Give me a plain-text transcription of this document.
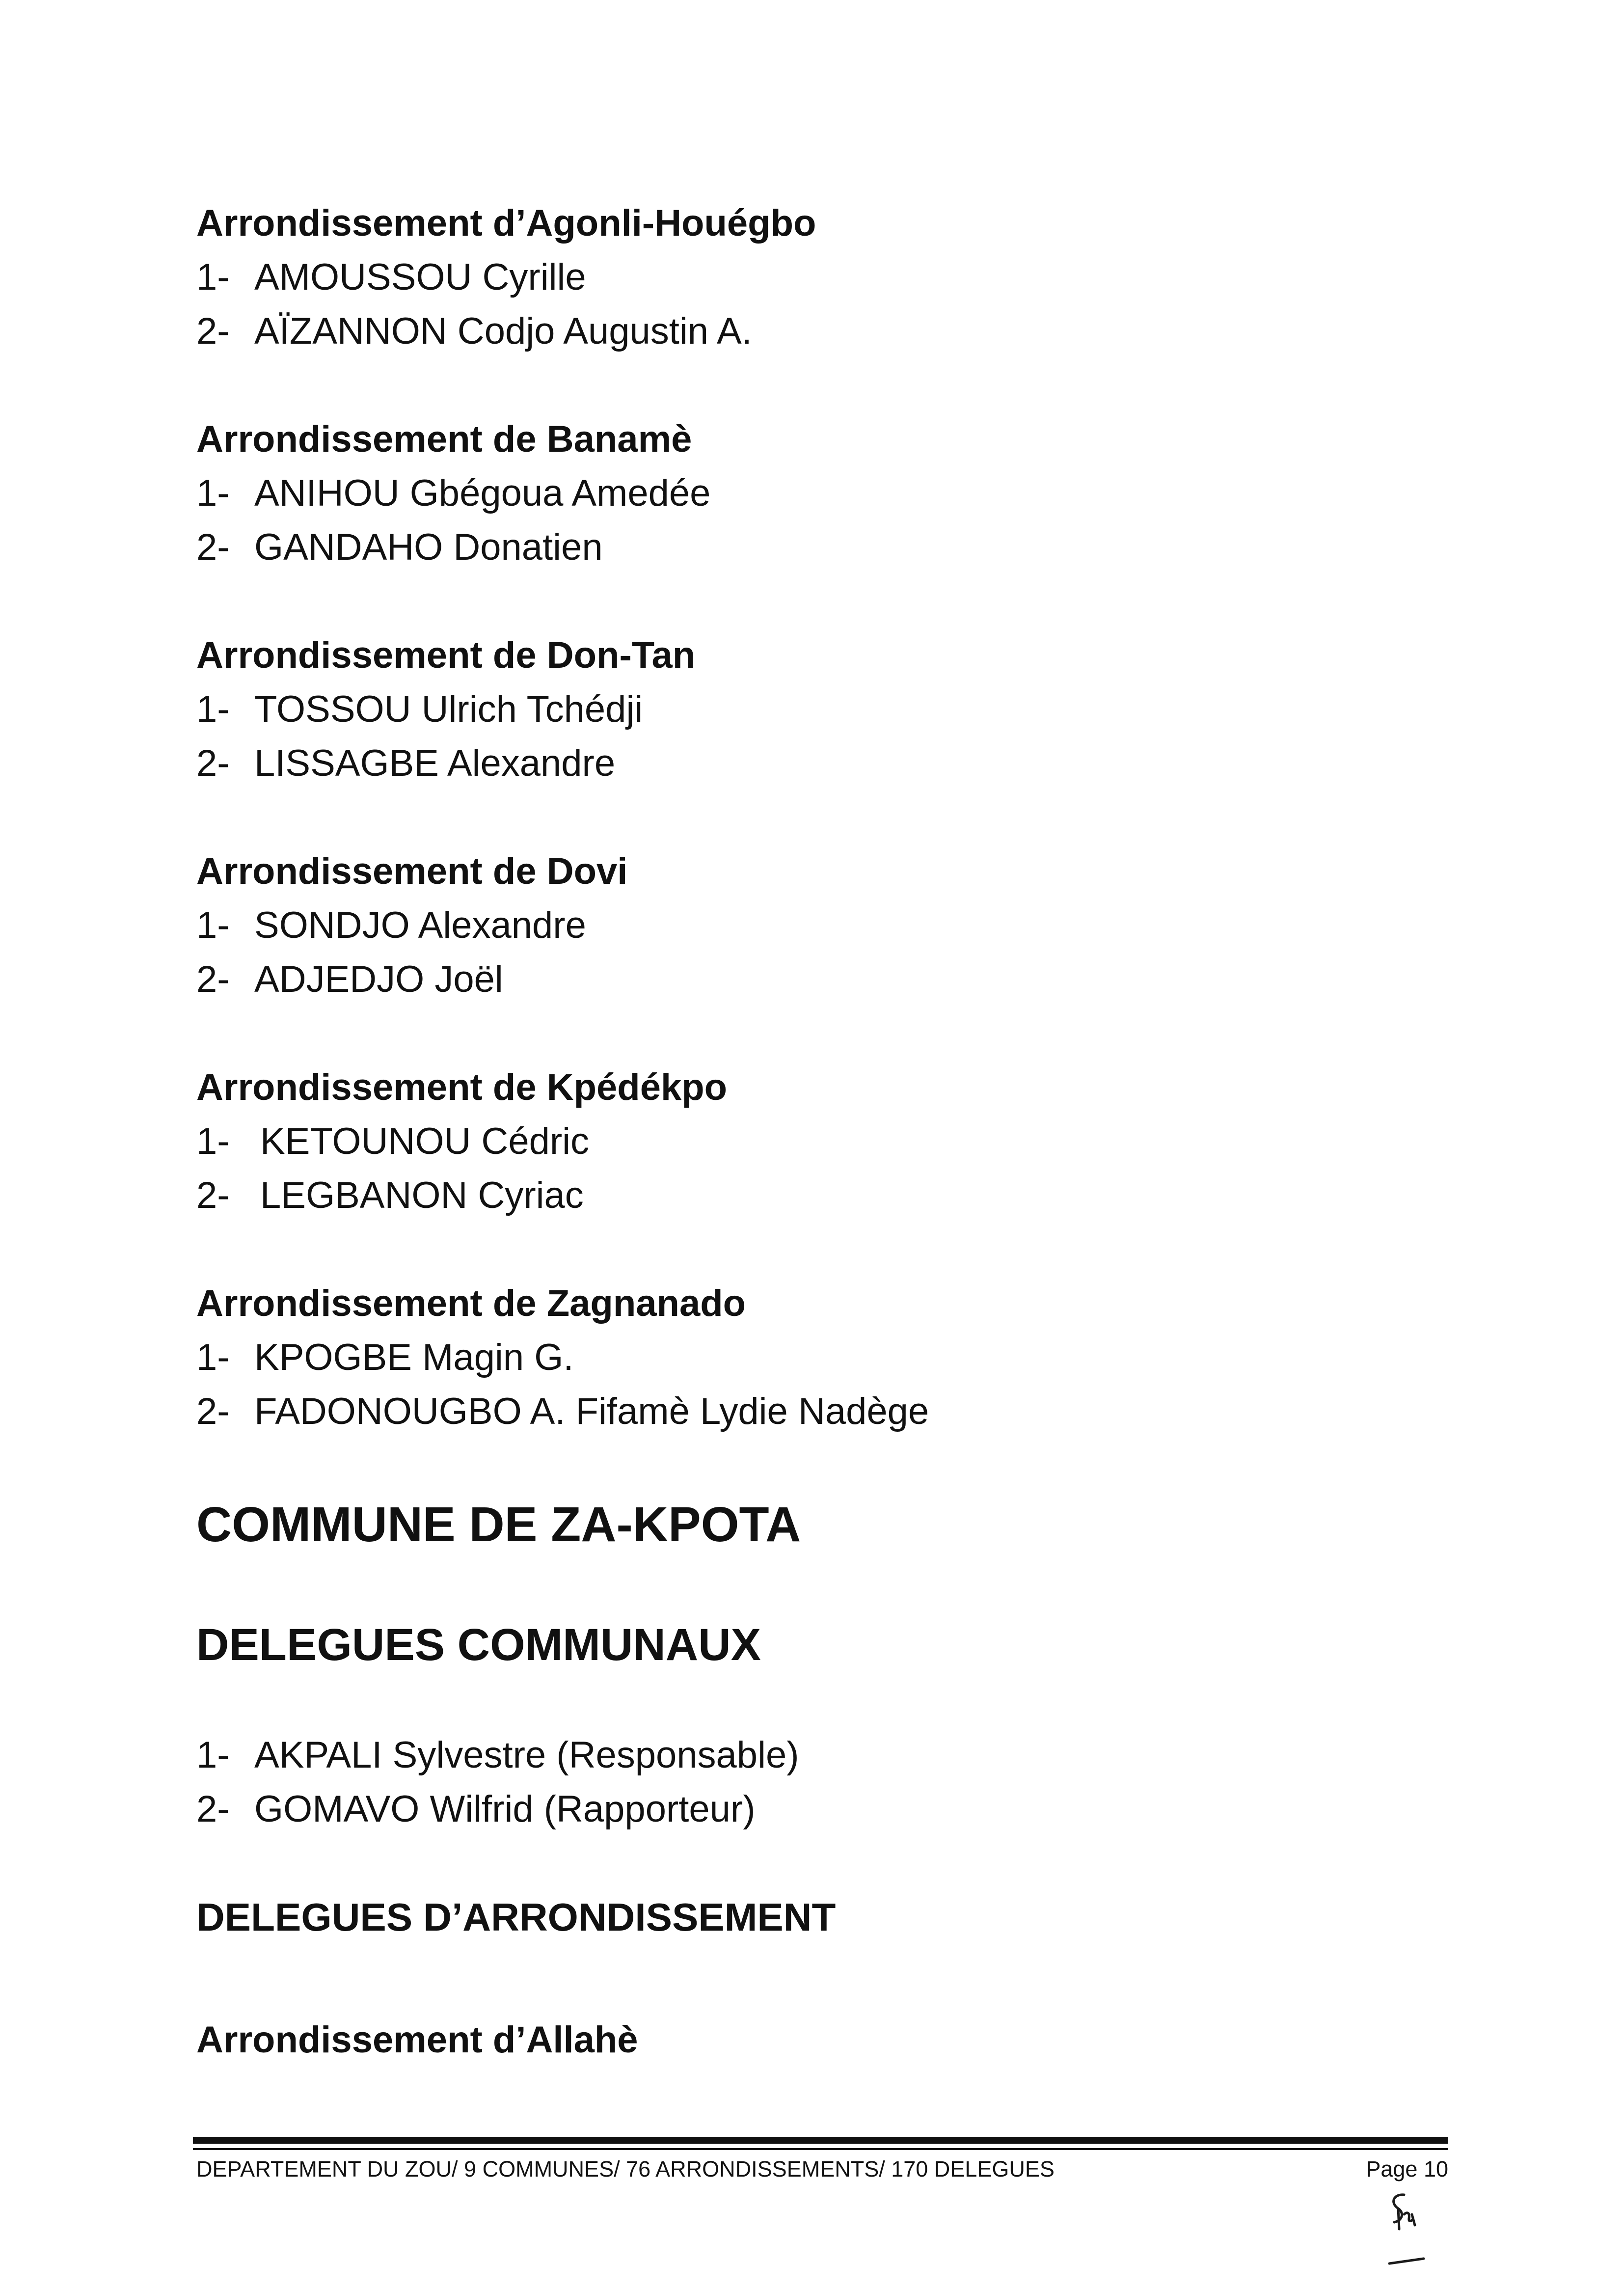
Arrondissement d’Agonli-Houégbo

1- AMOUSSOU Cyrille

2- AÏZANNON Codjo Augustin A.

Arrondissement de Banamè

1- ANIHOU Gbégoua Amedée

2- GANDAHO Donatien

Arrondissement de Don-Tan

1- TOSSOU Ulrich Tchédji

2- LISSAGBE Alexandre

Arrondissement de Dovi

1- SONDJO Alexandre

2- ADJEDJO Joël

Arrondissement de Kpédékpo

1- KETOUNOU Cédric

2- LEGBANON Cyriac

Arrondissement de Zagnanado

1- KPOGBE Magin G.

2- FADONOUGBO A. Fifamè Lydie Nadège

COMMUNE DE ZA-KPOTA
DELEGUES COMMUNAUX

1- AKPALI Sylvestre (Responsable)

2- GOMAVO Wilfrid (Rapporteur)

DELEGUES D’ARRONDISSEMENT

Arrondissement d’Allahè

DEPARTEMENT DU ZOU/ 9 COMMUNES/ 76 ARRONDISSEMENTS/ 170 DELEGUES	Page 10
